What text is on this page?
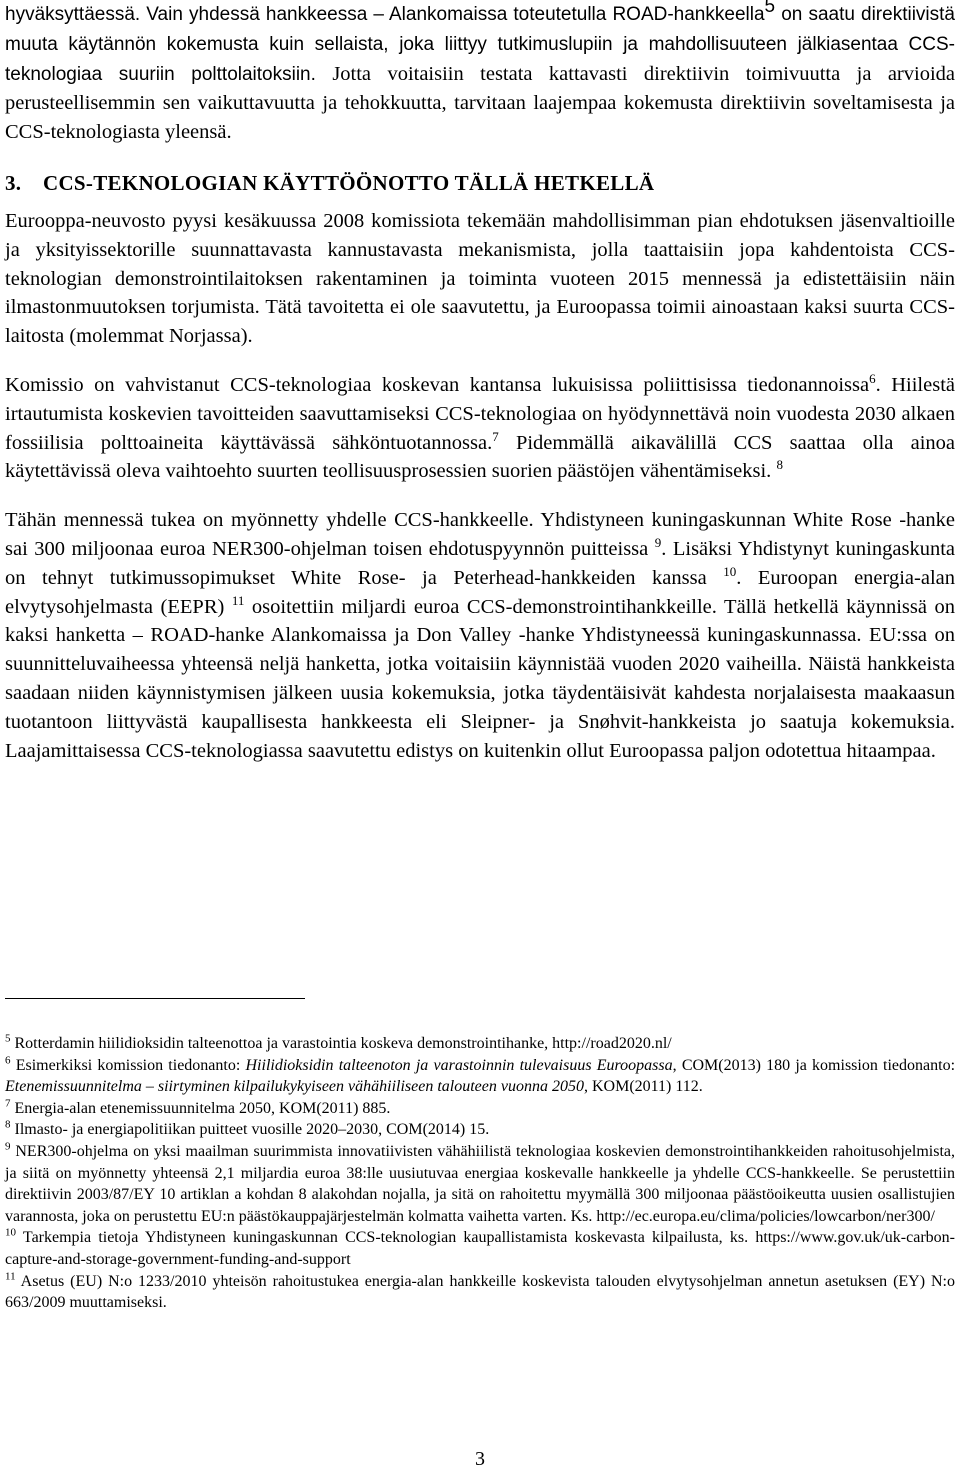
hyväksyttäessä. Vain yhdessä hankkeessa – Alankomaissa toteutetulla ROAD-hankkeella$^5$ on saatu direktiivistä muuta käytännön kokemusta kuin sellaista, joka liittyy tutkimuslupiin ja mahdollisuuteen jälkiasentaa CCS-teknologiaa suuriin polttolaitoksiin. Jotta voitaisiin testata kattavasti direktiivin toimivuutta ja arvioida perusteellisemmin sen vaikuttavuutta ja tehokkuutta, tarvitaan laajempaa kokemusta direktiivin soveltamisesta ja CCS-teknologiasta yleensä.

3. CCS-TEKNOLOGIAN KÄYTTÖÖNOTTO TÄLLÄ HETKELLÄ

Eurooppa-neuvosto pyysi kesäkuussa 2008 komissiota tekemään mahdollisimman pian ehdotuksen jäsenvaltioille ja yksityissektorille suunnattavasta kannustavasta mekanismista, jolla taattaisiin jopa kahdentoista CCS-teknologian demonstrointilaitoksen rakentaminen ja toiminta vuoteen 2015 mennessä ja edistettäisiin näin ilmastonmuutoksen torjumista. Tätä tavoitetta ei ole saavutettu, ja Euroopassa toimii ainoastaan kaksi suurta CCS-laitosta (molemmat Norjassa).

Komissio on vahvistanut CCS-teknologiaa koskevan kantansa lukuisissa poliittisissa tiedonannoissa$^6$. Hiilestä irtautumista koskevien tavoitteiden saavuttamiseksi CCS-teknologiaa on hyödynnettävä noin vuodesta 2030 alkaen fossiilisia polttoaineita käyttävässä sähköntuotannossa.$^7$ Pidemmällä aikavälillä CCS saattaa olla ainoa käytettävissä oleva vaihtoehto suurten teollisuusprosessien suorien päästöjen vähentämiseksi. $^8$

Tähän mennessä tukea on myönnetty yhdelle CCS-hankkeelle. Yhdistyneen kuningaskunnan White Rose -hanke sai 300 miljoonaa euroa NER300-ohjelman toisen ehdotuspyynnön puitteissa $^9$. Lisäksi Yhdistynyt kuningaskunta on tehnyt tutkimussopimukset White Rose- ja Peterhead-hankkeiden kanssa $^{10}$. Euroopan energia-alan elvytysohjelmasta (EEPR) $^{11}$ osoitettiin miljardi euroa CCS-demonstrointihankkeille. Tällä hetkellä käynnissä on kaksi hanketta – ROAD-hanke Alankomaissa ja Don Valley -hanke Yhdistyneessä kuningaskunnassa. EU:ssa on suunnitteluvaiheessa yhteensä neljä hanketta, jotka voitaisiin käynnistää vuoden 2020 vaiheilla. Näistä hankkeista saadaan niiden käynnistymisen jälkeen uusia kokemuksia, jotka täydentäisivät kahdesta norjalaisesta maakaasun tuotantoon liittyvästä kaupallisesta hankkeesta eli Sleipner- ja Snøhvit-hankkeista jo saatuja kokemuksia. Laajamittaisessa CCS-teknologiassa saavutettu edistys on kuitenkin ollut Euroopassa paljon odotettua hitaampaa.

$^5$ Rotterdamin hiilidioksidin talteenottoa ja varastointia koskeva demonstrointihanke, http://road2020.nl/

$^6$ Esimerkiksi komission tiedonanto: Hiilidioksidin talteenoton ja varastoinnin tulevaisuus Euroopassa, COM(2013) 180 ja komission tiedonanto: Etenemissuunnitelma – siirtyminen kilpailukykyiseen vähähiiliseen talouteen vuonna 2050, KOM(2011) 112.

$^7$ Energia-alan etenemissuunnitelma 2050, KOM(2011) 885.

$^8$ Ilmasto- ja energiapolitiikan puitteet vuosille 2020–2030, COM(2014) 15.

$^9$ NER300-ohjelma on yksi maailman suurimmista innovatiivisten vähähiilistä teknologiaa koskevien demonstrointihankkeiden rahoitusohjelmista, ja siitä on myönnetty yhteensä 2,1 miljardia euroa 38:lle uusiutuvaa energiaa koskevalle hankkeelle ja yhdelle CCS-hankkeelle. Se perustettiin direktiivin 2003/87/EY 10 artiklan a kohdan 8 alakohdan nojalla, ja sitä on rahoitettu myymällä 300 miljoonaa päästöoikeutta uusien osallistujien varannosta, joka on perustettu EU:n päästökauppajärjestelmän kolmatta vaihetta varten. Ks. http://ec.europa.eu/clima/policies/lowcarbon/ner300/

$^{10}$ Tarkempia tietoja Yhdistyneen kuningaskunnan CCS-teknologian kaupallistamista koskevasta kilpailusta, ks. https://www.gov.uk/uk-carbon-capture-and-storage-government-funding-and-support

$^{11}$ Asetus (EU) N:o 1233/2010 yhteisön rahoitustukea energia-alan hankkeille koskevista talouden elvytysohjelman annetun asetuksen (EY) N:o 663/2009 muuttamiseksi.

3
